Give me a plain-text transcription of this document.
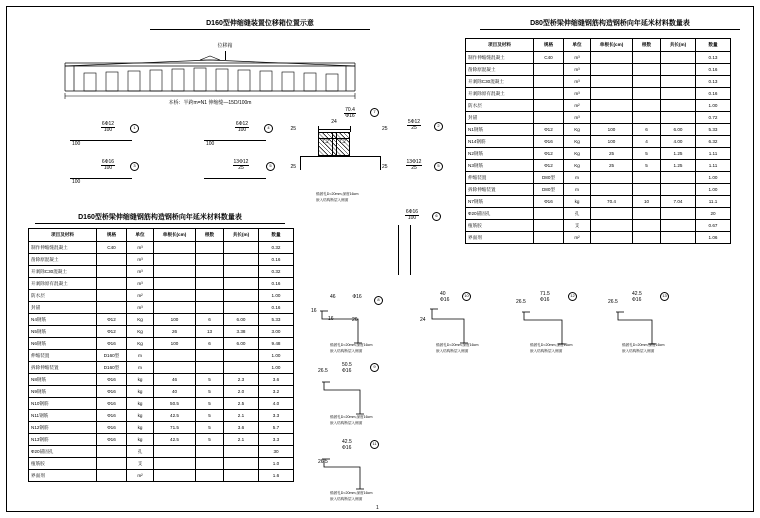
D160型伸缩缝装置位移箱位置示意	D80型桥梁伸缩缝钢筋构造钢桥向年延米材料数量表
位移箱
本桥：半跨m=N1 伸缩缝—15D/100m
$\frac{6Ф12}{100}$	1
100
$\frac{6Ф12}{100}$	4
100
$\frac{6Ф16}{100}$	3
100
$\frac{13Ф12}{25}$	5
$\frac{70.4}{Ф16}$	7
24
7.2 7.2
25
25
25
25
$\frac{5Ф12}{25}$	2
$\frac{13Ф12}{25}$	5
锚固孔D=20mm,深度16cm
嵌入结构断层入侧面
$\frac{6Ф16}{100}$	6
D160型桥梁伸缩缝钢筋构造钢桥向年延米材料数量表
项目及材料	规格	单位	单根长(cm)	根数	共长(m)	数量
制作伸缩缝混凝土	C40	m³				0.32
凿除原混凝土		m³				0.16
开剥除C30混凝土		m³				0.32
开剥除原有混凝土		m³				0.16
防水层		m²				1.00
封锚		m³				0.16
N4钢筋	Ф12	Kg	100	6	6.00	5.33
N5钢筋	Ф12	Kg	26	13	3.38	3.00
N6钢筋	Ф16	Kg	100	6	6.00	9.48
伸缩装置	D160型	m				1.00
拆除伸缩装置	D160型	m				1.00
N8钢筋	Ф16	kg	46	5	2.3	3.6
N9钢筋	Ф16	kg	40	5	2.0	3.2
N10钢筋	Ф16	kg	50.5	5	2.5	4.0
N11钢筋	Ф16	kg	42.5	5	2.1	3.3
N12钢筋	Ф16	kg	71.5	5	3.6	5.7
N13钢筋	Ф16	kg	42.5	5	2.1	3.3
Ф20锚固孔		孔				30
植筋胶		支				1.0
界面剂		m²				1.6
项目及材料	规格	单位	单根长(cm)	根数	共长(m)	数量
制作伸缩缝混凝土	C40	m³				0.13
凿除原混凝土		m³				0.16
开剥除C30混凝土		m³				0.13
开剥除原有混凝土		m³				0.16
防水层		m²				1.00
封锚		m³				0.72
N1钢筋	Ф12	Kg	100	6	6.00	5.33
N14钢筋	Ф16	Kg	100	4	4.00	6.32
N2钢筋	Ф12	Kg	25	5	1.25	1.11
N3钢筋	Ф12	Kg	25	5	1.25	1.11
伸缩装置	D80型	m				1.00
拆除伸缩装置	D80型	m				1.00
N7钢筋	Ф16	kg	70.4	10	7.04	11.1
Ф20锚固孔		孔				20
植筋胶		支				0.67
界面剂		m²				1.06
46	Ф16	8
16
16	26
锚固孔D=20mm,深度16cm
嵌入结构断层入侧面
50.5
Ф16
9
26.5
锚固孔D=20mm,深度16cm
嵌入结构断层入侧面
42.5
Ф16
11
26.5
锚固孔D=20mm,深度16cm
嵌入结构断层入侧面
40
Ф16
10
24
锚固孔D=20mm,深度16cm
嵌入结构断层入侧面
71.5
Ф16
12
26.5
锚固孔D=20mm,深度16cm
嵌入结构断层入侧面
42.5
Ф16
13
26.5
锚固孔D=20mm,深度16cm
嵌入结构断层入侧面
1
